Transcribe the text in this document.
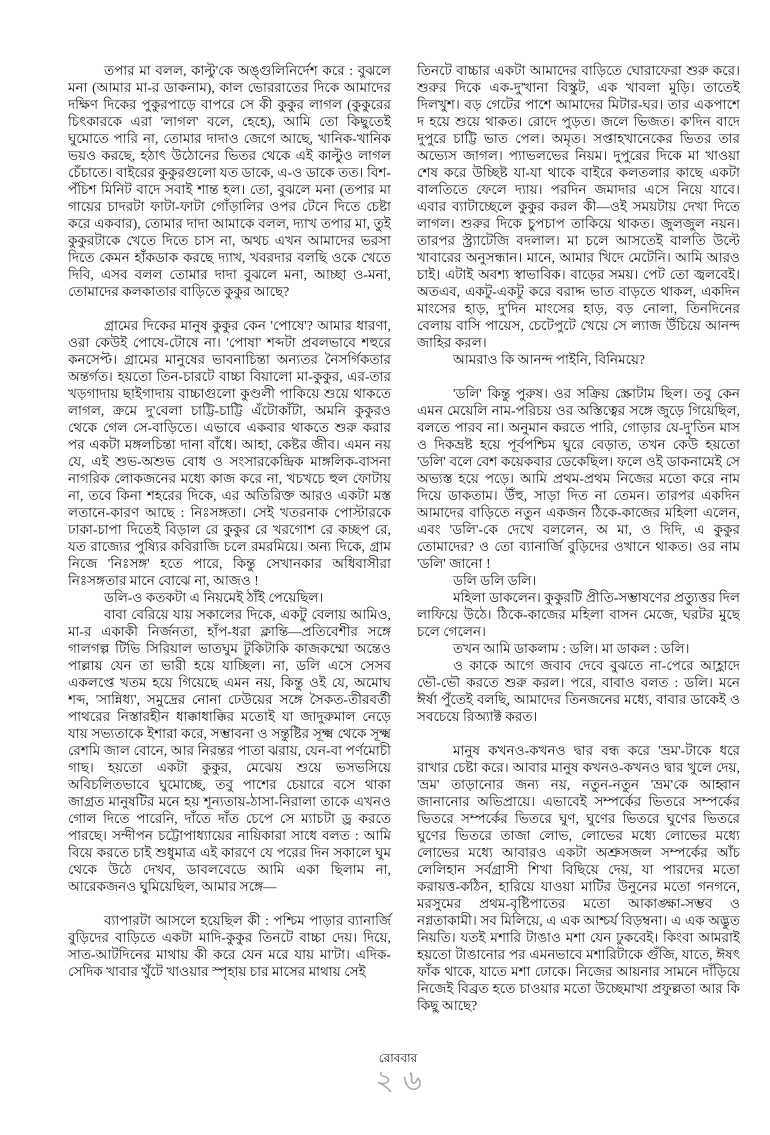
তপার মা বলল, কাল্টু'কে অঙ্গুলিনির্দেশ করে : বুঝলে মনা (আমার মা-র ডাকনাম), কাল ভোররাতের দিকে আমাদের দক্ষিণ দিকের পুকুরপাড়ে বাপরে সে কী কুকুর লাগল (কুকুরের চিৎকারকে এরা 'লাগল' বলে, হেহে), আমি তো কিছুতেই ঘুমোতে পারি না, তোমার দাদাও জেগে আছে, খানিক-খানিক ভয়ও করছে, হঠাৎ উঠোনের ভিতর থেকে এই কাল্টুও লাগল চেঁচাতে। বাইরের কুকুরগুলো যত ডাকে, এ-ও ডাকে তত। বিশ-পঁচিশ মিনিট বাদে সবাই শান্ত হল। তো, বুঝলে মনা (তপার মা গায়ের চাদরটা ফাটা-ফাটা গোঁড়ালির ওপর টেনে দিতে চেষ্টা করে একবার), তোমার দাদা আমাকে বলল, দ্যাখ তপার মা, তুই কুকুরটাকে খেতে দিতে চাস না, অথচ এখন আমাদের ভরসা দিতে কেমন হাঁকডাক করছে দ্যাখ, খবরদার বলছি ওকে খেতে দিবি, এসব বলল তোমার দাদা বুঝলে মনা, আচ্ছা ও-মনা, তোমাদের কলকাতার বাড়িতে কুকুর আছে?

গ্রামের দিকের মানুষ কুকুর কেন 'পোষে'? আমার ধারণা, ওরা কেউই পোষে-টোষে না। 'পোষা' শব্দটা প্রবলভাবে শহুরে কনসেপ্ট। গ্রামের মানুষের ভাবনাচিন্তা অন্যতর নৈসর্গিকতার অন্তর্গত। হয়তো তিন-চারটে বাচ্চা বিয়ালো মা-কুকুর, এর-তার খড়গাদায় ছাইগাদায় বাচ্চাগুলো কুণ্ডলী পাকিয়ে শুয়ে থাকতে লাগল, ক্রমে দু'বেলা চাট্টি-চাট্টি এঁটোকাঁটা, অমনি কুকুরও থেকে গেল সে-বাড়িতে। এভাবে একবার থাকতে শুরু করার পর একটা মঙ্গলচিন্তা দানা বাঁধে। আহা, কেষ্টর জীব। এমন নয় যে, এই শুভ-অশুভ বোধ ও সংসারকেন্দ্রিক মাঙ্গলিক-বাসনা নাগরিক লোকজনের মধ্যে কাজ করে না, খচখচে হুল ফোটায় না, তবে কিনা শহরের দিকে, এর অতিরিক্ত আরও একটা মস্ত লতানে-কারণ আছে : নিঃসঙ্গতা। সেই খতরনাক পোস্টারকে ঢাকা-চাপা দিতেই বিড়াল রে কুকুর রে খরগোশ রে কচ্ছপ রে, যত রাজ্যের পুষ্যির কবিরাজি চলে রমরমিয়ে। অন্য দিকে, গ্রাম নিজে 'নিঃসঙ্গ' হতে পারে, কিন্তু সেখানকার অধিবাসীরা নিঃসঙ্গতার মানে বোঝে না, আজও !

ডলি-ও কতকটা এ নিয়মেই ঠাঁই পেয়েছিল।

বাবা বেরিয়ে যায় সকালের দিকে, একটু বেলায় আমিও, মা-র একাকী নির্জনতা, হাঁপ-ধরা ক্লান্তি—প্রতিবেশীর সঙ্গে গালগল্প টিভি সিরিয়াল ভাতঘুম টুকিটাকি কাজকম্মো অন্তেও পাল্লায় যেন তা ভারী হয়ে যাচ্ছিল। না, ডলি এসে সেসব একলপ্তে খতম হয়ে গিয়েছে এমন নয়, কিন্তু ওই যে, অমোঘ শব্দ, 'সান্নিধ্য', সমুদ্রের নোনা ঢেউয়ের সঙ্গে সৈকত-তীরবর্তী পাথরের নিস্তারহীন ধাক্কাধাক্কির মতোই যা জাদুরুমাল নেড়ে যায় সভ্যতাকে ইশারা করে, সম্ভাবনা ও সন্তুষ্টির সূক্ষ্ম থেকে সূক্ষ্ম রেশমি জাল বোনে, আর নিরন্তর পাতা ঝরায়, যেন-বা পর্ণমোচী গাছ। হয়তো একটা কুকুর, মেঝেয় শুয়ে ভসভসিয়ে অবিচলিতভাবে ঘুমোচ্ছে, তবু পাশের চেয়ারে বসে থাকা জাগ্রত মানুষটির মনে হয় শূন্যতায়-ঠাসা-নিরালা তাকে এখনও গোল দিতে পারেনি, দাঁতে দাঁত চেপে সে ম্যাচটা ড্র করতে পারছে। সন্দীপন চট্টোপাধ্যায়ের নায়িকারা সাধে বলত : আমি বিয়ে করতে চাই শুধুমাত্র এই কারণে যে পরের দিন সকালে ঘুম থেকে উঠে দেখব, ডাবলবেডে আমি একা ছিলাম না, আরেকজনও ঘুমিয়েছিল, আমার সঙ্গে—

ব্যাপারটা আসলে হয়েছিল কী : পশ্চিম পাড়ার ব্যানার্জি বুড়িদের বাড়িতে একটা মাদি-কুকুর তিনটে বাচ্চা দেয়। দিয়ে, সাত-আটদিনের মাথায় কী করে যেন মরে যায় মা'টা। এদিক-সেদিক খাবার খুঁটে খাওয়ার স্পৃহায় চার মাসের মাথায় সেই

তিনটে বাচ্চার একটা আমাদের বাড়িতে ঘোরাফেরা শুরু করে। শুরুর দিকে এক-দু'খানা বিস্কুট, এক খাবলা মুড়ি। তাতেই দিলখুশ। বড় গেটের পাশে আমাদের মিটার-ঘর। তার একপাশে দ হয়ে শুয়ে থাকত। রোদে পুড়ত। জলে ভিজত। ক'দিন বাদে দুপুরে চাট্টি ভাত পেল। অমৃত। সপ্তাহখানেকের ভিতর তার অভ্যেস জাগল। প্যাভলভের নিয়ম। দুপুরের দিকে মা খাওয়া শেষ করে উচ্ছিষ্ট যা-যা থাকে বাইরে কলতলার কাছে একটা বালতিতে ফেলে দ্যায়। পরদিন জমাদার এসে নিয়ে যাবে। এবার ব্যাটাচ্ছেলে কুকুর করল কী—ওই সময়টায় দেখা দিতে লাগল। শুরুর দিকে চুপচাপ তাকিয়ে থাকত। জুলজুল নয়ন। তারপর স্ট্র্যাটেজি বদলাল। মা চলে আসতেই বালতি উল্টে খাবারের অনুসন্ধান। মানে, আমার খিদে মেটেনি। আমি আরও চাই। এটাই অবশ্য স্বাভাবিক। বাড়ের সময়। পেট তো জ্বলবেই। অতএব, একটু-একটু করে বরাদ্দ ভাত বাড়তে থাকল, একদিন মাংসের হাড়, দু'দিন মাংসের হাড়, বড় নোলা, তিনদিনের বেলায় বাসি পায়েস, চেটেপুটে খেয়ে সে ল্যাজ উঁচিয়ে আনন্দ জাহির করল।

আমরাও কি আনন্দ পাইনি, বিনিময়ে?

'ডলি' কিন্তু পুরুষ। ওর সক্রিয় স্ক্রোটাম ছিল। তবু কেন এমন মেয়েলি নাম-পরিচয় ওর অস্তিত্বের সঙ্গে জুড়ে গিয়েছিল, বলতে পারব না। অনুমান করতে পারি, গোড়ার যে-দু'তিন মাস ও দিকভ্রষ্ট হয়ে পূর্বপশ্চিম ঘুরে বেড়াত, তখন কেউ হয়তো 'ডলি' বলে বেশ কয়েকবার ডেকেছিল। ফলে ওই ডাকনামেই সে অভ্যস্ত হয়ে পড়ে। আমি প্রথম-প্রথম নিজের মতো করে নাম দিয়ে ডাকতাম। উঁহু, সাড়া দিত না তেমন। তারপর একদিন আমাদের বাড়িতে নতুন একজন ঠিকে-কাজের মহিলা এলেন, এবং 'ডলি'-কে দেখে বললেন, অ মা, ও দিদি, এ কুকুর তোমাদের? ও তো ব্যানার্জি বুড়িদের ওখানে থাকত। ওর নাম 'ডলি' জানো !

ডলি ডলি ডলি।

মহিলা ডাকলেন। কুকুরটি প্রীতি-সম্ভাষণের প্রত্যুত্তর দিল লাফিয়ে উঠে। ঠিকে-কাজের মহিলা বাসন মেজে, ঘরটর মুছে চলে গেলেন।

তখন আমি ডাকলাম : ডলি। মা ডাকল : ডলি।

ও কাকে আগে জবাব দেবে বুঝতে না-পেরে আহ্লাদে ভৌ-ভৌ করতে শুরু করল। পরে, বাবাও বলত : ডলি। মনে ঈর্ষা পুঁতেই বলছি, আমাদের তিনজনের মধ্যে, বাবার ডাকেই ও সবচেয়ে রিঅ্যাক্ট করত।

মানুষ কখনও-কখনও দ্বার বন্ধ করে 'ভ্রম'-টাকে ধরে রাখার চেষ্টা করে। আবার মানুষ কখনও-কখনও দ্বার খুলে দেয়, 'ভ্রম' তাড়ানোর জন্য নয়, নতুন-নতুন 'ভ্রম'কে আহ্বান জানানোর অভিপ্রায়ে। এভাবেই সম্পর্কের ভিতরে সম্পর্কের ভিতরে সম্পর্কের ভিতরে ঘুণ, ঘুণের ভিতরে ঘুণের ভিতরে ঘুণের ভিতরে তাজা লোভ, লোভের মধ্যে লোভের মধ্যে লোভের মধ্যে আবারও একটা অশ্রুসজল সম্পর্কের আঁচ লেলিহান সর্বগ্রাসী শিখা বিছিয়ে দেয়, যা পারদের মতো করায়ত্ত-কঠিন, হারিয়ে যাওয়া মাটির উনুনের মতো গনগনে, মরসুমের প্রথম-বৃষ্টিপাতের মতো আকাঙ্ক্ষা-সম্ভব ও নগ্নতাকামী। সব মিলিয়ে, এ এক আশ্চর্য বিড়ম্বনা। এ এক অদ্ভুত নিয়তি। যতই মশারি টাঙাও মশা যেন ঢুকবেই। কিংবা আমরাই হয়তো টাঙানোর পর এমনভাবে মশারিটাকে গুঁজি, যাতে, ঈষৎ ফাঁক থাকে, যাতে মশা ঢোকে। নিজের আয়নার সামনে দাঁড়িয়ে নিজেই বিব্রত হতে চাওয়ার মতো উচ্ছেমাখা প্রফুল্লতা আর কি কিছু আছে?

রোববার
২৬
